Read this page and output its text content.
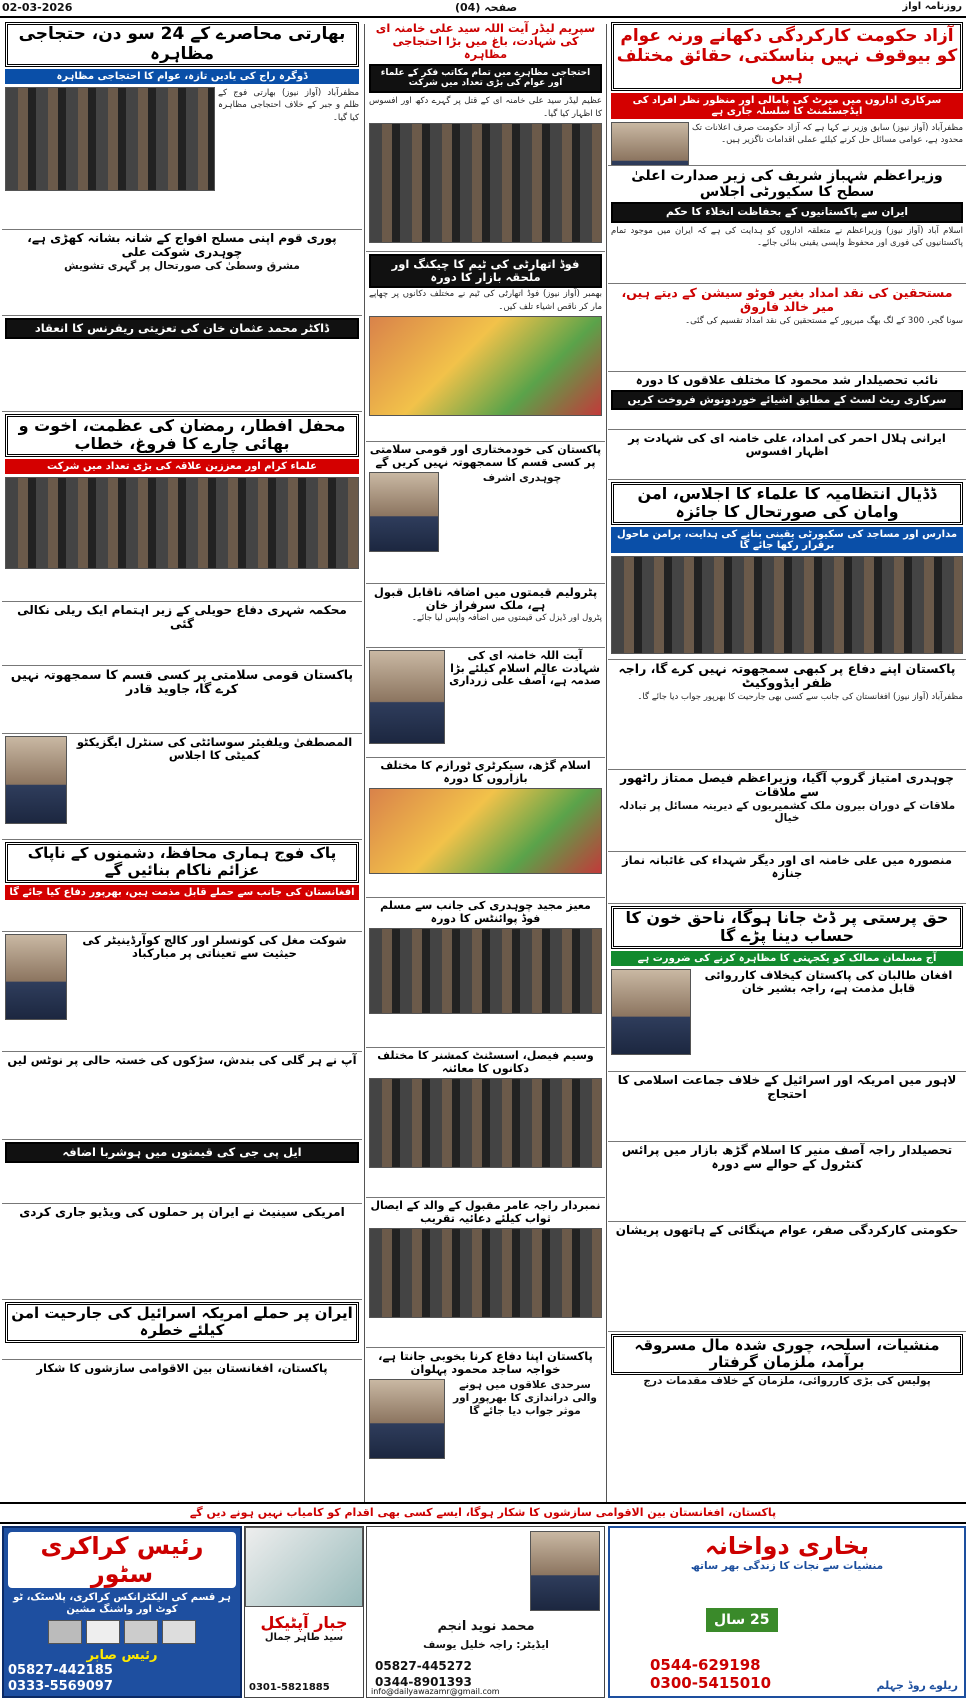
02-03-2026	صفحہ (04)	روزنامہ آواز
آزاد حکومت کارکردگی دکھانے ورنہ عوام کو بیوقوف نہیں بناسکتی، حقائق مختلف ہیں
سرکاری اداروں میں میرٹ کی پامالی اور منظور نظر افراد کی ایڈجسٹمنٹ کا سلسلہ جاری ہے
مظفرآباد (آواز نیوز) سابق وزیر نے کہا ہے کہ آزاد حکومت صرف اعلانات تک محدود ہے، عوامی مسائل حل کرنے کیلئے عملی اقدامات ناگزیر ہیں۔
وزیراعظم شہباز شریف کی زیر صدارت اعلیٰ سطح کا سکیورٹی اجلاس
ایران سے پاکستانیوں کے بحفاظت انخلاء کا حکم
اسلام آباد (آواز نیوز) وزیراعظم نے متعلقہ اداروں کو ہدایت کی ہے کہ ایران میں موجود تمام پاکستانیوں کی فوری اور محفوظ واپسی یقینی بنائی جائے۔
مستحقین کی نقد امداد بغیر فوٹو سیشن کے دیتے ہیں، میر خالد فاروق
سونا گجر، 300 کے لگ بھگ میرپور کے مستحقین کی نقد امداد تقسیم کی گئی۔
نائب تحصیلدار شد محمود کا مختلف علاقوں کا دورہ
سرکاری ریٹ لسٹ کے مطابق اشیائے خوردونوش فروخت کریں
ایرانی ہلال احمر کی امداد، علی خامنہ ای کی شہادت پر اظہار افسوس
ڈڈیال انتظامیہ کا علماء کا اجلاس، امن وامان کی صورتحال کا جائزہ
مدارس اور مساجد کی سکیورٹی یقینی بنانے کی ہدایت، پرامن ماحول برقرار رکھا جائے گا
پاکستان اپنے دفاع پر کبھی سمجھوتہ نہیں کرے گا، راجہ ظفر ایڈووکیٹ
مظفرآباد (آواز نیوز) افغانستان کی جانب سے کسی بھی جارحیت کا بھرپور جواب دیا جائے گا۔
چوہدری امتیاز گروپ آگیا، وزیراعظم فیصل ممتاز راٹھور سے ملاقات
ملاقات کے دوران بیرون ملک کشمیریوں کے دیرینہ مسائل پر تبادلہ خیال
منصورہ میں علی خامنہ ای اور دیگر شہداء کی غائبانہ نماز جنازہ
حق پرستی پر ڈٹ جانا ہوگا، ناحق خون کا حساب دینا پڑے گا
آج مسلمان ممالک کو یکجہتی کا مظاہرہ کرنے کی ضرورت ہے
افغان طالبان کی پاکستان کیخلاف کارروائی قابل مذمت ہے، راجہ بشیر خان
لاہور میں امریکہ اور اسرائیل کے خلاف جماعت اسلامی کا احتجاج
تحصیلدار راجہ آصف منیر کا اسلام گڑھ بازار میں پرائس کنٹرول کے حوالے سے دورہ
حکومتی کارکردگی صفر، عوام مہنگائی کے ہاتھوں پریشان
منشیات، اسلحہ، چوری شدہ مال مسروقہ برآمد، ملزمان گرفتار
پولیس کی بڑی کارروائی، ملزمان کے خلاف مقدمات درج
سپریم لیڈر آیت اللہ سید علی خامنہ ای کی شہادت، باغ میں بڑا احتجاجی مظاہرہ
احتجاجی مظاہرے میں تمام مکاتب فکر کے علماء اور عوام کی بڑی تعداد میں شرکت
عظیم لیڈر سید علی خامنہ ای کے قتل پر گہرے دکھ اور افسوس کا اظہار کیا گیا۔
فوڈ اتھارٹی کی ٹیم کا چیکنگ اور ملحقہ بازار کا دورہ
بھمبر (آواز نیوز) فوڈ اتھارٹی کی ٹیم نے مختلف دکانوں پر چھاپے مار کر ناقص اشیاء تلف کیں۔
پاکستان کی خودمختاری اور قومی سلامتی پر کسی قسم کا سمجھوتہ نہیں کریں گے
چوہدری اشرف
پٹرولیم قیمتوں میں اضافہ ناقابل قبول ہے، ملک سرفراز خان
پٹرول اور ڈیزل کی قیمتوں میں اضافہ واپس لیا جائے۔
آیت اللہ خامنہ ای کی شہادت عالم اسلام کیلئے بڑا صدمہ ہے، آصف علی زرداری
اسلام گڑھ، سیکرٹری ٹورازم کا مختلف بازاروں کا دورہ
معیز مجید چوہدری کی جانب سے مسلم فوڈ پوائنٹس کا دورہ
وسیم فیصل، اسسٹنٹ کمشنر کا مختلف دکانوں کا معائنہ
نمبردار راجہ عامر مقبول کے والد کے ایصال ثواب کیلئے دعائیہ تقریب
پاکستان اپنا دفاع کرنا بخوبی جانتا ہے، خواجہ ساجد محمود پہلوان
سرحدی علاقوں میں ہونے والی دراندازی کا بھرپور اور موثر جواب دیا جائے گا
بھارتی محاصرے کے 24 سو دن، حتجاجی مظاہرہ
ڈوگرہ راج کی یادیں تازہ، عوام کا احتجاجی مظاہرہ
مظفرآباد (آواز نیوز) بھارتی فوج کے ظلم و جبر کے خلاف احتجاجی مظاہرہ کیا گیا۔
پوری قوم اپنی مسلح افواج کے شانہ بشانہ کھڑی ہے، چوہدری شوکت علی
مشرق وسطیٰ کی صورتحال پر گہری تشویش
ڈاکٹر محمد عثمان خان کی تعزیتی ریفرنس کا انعقاد
محفل افطار، رمضان کی عظمت، اخوت و بھائی چارے کا فروغ، خطاب
علماء کرام اور معززین علاقہ کی بڑی تعداد میں شرکت
محکمہ شہری دفاع حویلی کے زیر اہتمام ایک ریلی نکالی گئی
پاکستان قومی سلامتی پر کسی قسم کا سمجھوتہ نہیں کرے گا، جاوید قادر
المصطفیٰ ویلفیئر سوسائٹی کی سنٹرل ایگزیکٹو کمیٹی کا اجلاس
پاک فوج ہماری محافظ، دشمنوں کے ناپاک عزائم ناکام بنائیں گے
افغانستان کی جانب سے حملے قابل مذمت ہیں، بھرپور دفاع کیا جائے گا
شوکت مغل کی کونسلر اور کالج کوآرڈینیٹر کی حیثیت سے تعیناتی پر مبارکباد
آپ نے ہر گلی کی بندش، سڑکوں کی خستہ حالی پر نوٹس لیں
ایل پی جی کی قیمتوں میں ہوشربا اضافہ
امریکی سینیٹ نے ایران پر حملوں کی ویڈیو جاری کردی
ایران پر حملے امریکہ اسرائیل کی جارحیت امن کیلئے خطرہ
پاکستان، افغانستان بین الاقوامی سازشوں کا شکار
پاکستان، افغانستان بین الاقوامی سازشوں کا شکار ہوگا، ایسے کسی بھی اقدام کو کامیاب نہیں ہونے دیں گے
رئیس کراکری سٹور
ہر قسم کی الیکٹرانکس کراکری، پلاسٹک، ٹو کوٹ اور واشنگ مشین
رئیس صابر
05827-442185
0333-5569097
جبار آپٹیکل
سید طاہر جمال
0301-5821885
محمد نوید انجم
ایڈیٹر: راجہ خلیل یوسف
05827-445272
0344-8901393
info@dailyawazamr@gmail.com
بخاری دواخانہ
منشیات سے نجات کا زندگی بھر ساتھ
25 سال
ریلوے روڈ جہلم
0544-629198
0300-5415010
